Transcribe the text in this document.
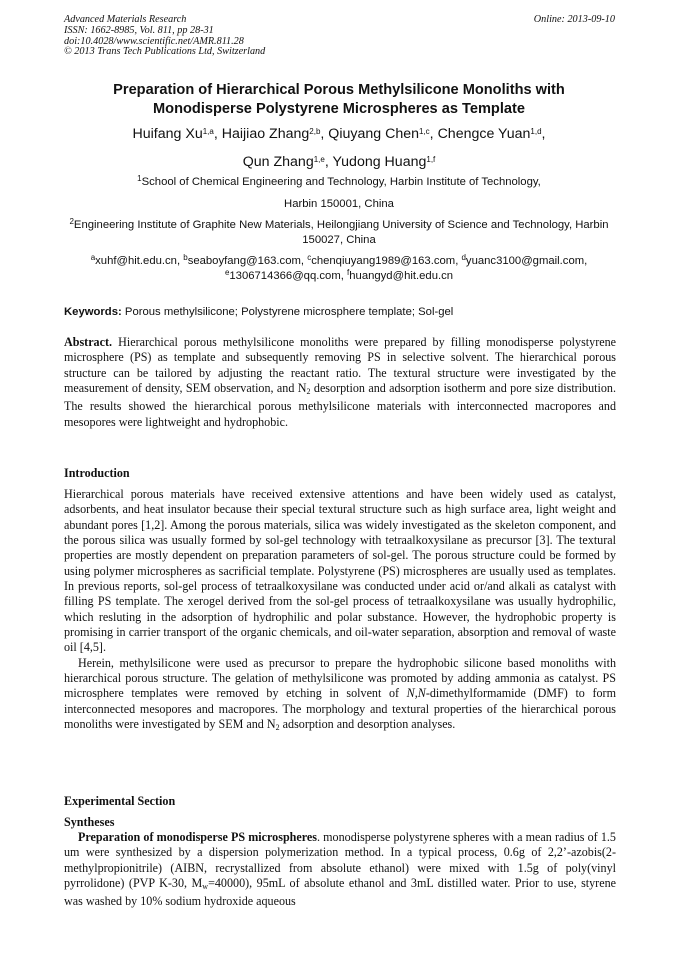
Advanced Materials Research
ISSN: 1662-8985, Vol. 811, pp 28-31
doi:10.4028/www.scientific.net/AMR.811.28
© 2013 Trans Tech Publications Ltd, Switzerland
Online: 2013-09-10
Preparation of Hierarchical Porous Methylsilicone Monoliths with
Monodisperse Polystyrene Microspheres as Template
Huifang Xu$^{1,a}$, Haijiao Zhang$^{2,b}$, Qiuyang Chen$^{1,c}$, Chengce Yuan$^{1,d}$,
Qun Zhang$^{1,e}$, Yudong Huang$^{1,f}$
$^1$School of Chemical Engineering and Technology, Harbin Institute of Technology,
Harbin 150001, China
$^2$Engineering Institute of Graphite New Materials, Heilongjiang University of Science and Technology, Harbin 150027, China
$^a$xuhf@hit.edu.cn, $^b$seaboyfang@163.com, $^c$chenqiuyang1989@163.com, $^d$yuanc3100@gmail.com,
$^e$1306714366@qq.com, $^f$huangyd@hit.edu.cn
Keywords: Porous methylsilicone; Polystyrene microsphere template; Sol-gel
Abstract. Hierarchical porous methylsilicone monoliths were prepared by filling monodisperse polystyrene microsphere (PS) as template and subsequently removing PS in selective solvent. The hierarchical porous structure can be tailored by adjusting the reactant ratio. The textural structure were investigated by the measurement of density, SEM observation, and $N_2$ desorption and adsorption isotherm and pore size distribution. The results showed the hierarchical porous methylsilicone materials with interconnected macropores and mesopores were lightweight and hydrophobic.
Introduction

Hierarchical porous materials have received extensive attentions and have been widely used as catalyst, adsorbents, and heat insulator because their special textural structure such as high surface area, light weight and abundant pores [1,2]. Among the porous materials, silica was widely investigated as the skeleton component, and the porous silica was usually formed by sol-gel technology with tetraalkoxysilane as precursor [3]. The textural properties are mostly dependent on preparation parameters of sol-gel. The porous structure could be formed by using polymer microspheres as sacrificial template. Polystyrene (PS) microspheres are usually used as templates. In previous reports, sol-gel process of tetraalkoxysilane was conducted under acid or/and alkali as catalyst with filling PS template. The xerogel derived from the sol-gel process of tetraalkoxysilane was usually hydrophilic, which resluting in the adsorption of hydrophilic and polar substance. However, the hydrophobic property is promising in carrier transport of the organic chemicals, and oil-water separation, absorption and removal of waste oil [4,5].

Herein, methylsilicone were used as precursor to prepare the hydrophobic silicone based monoliths with hierarchical porous structure. The gelation of methylsilicone was promoted by adding ammonia as catalyst. PS microsphere templates were removed by etching in solvent of N,N-dimethylformamide (DMF) to form interconnected mesopores and macropores. The morphology and textural properties of the hierarchical porous monoliths were investigated by SEM and $N_2$ adsorption and desorption analyses.

Experimental Section
Syntheses

Preparation of monodisperse PS microspheres. monodisperse polystyrene spheres with a mean radius of 1.5 um were synthesized by a dispersion polymerization method. In a typical process, 0.6g of 2,2’-azobis(2-methylpropionitrile) (AIBN, recrystallized from absolute ethanol) were mixed with 1.5g of poly(vinyl pyrrolidone) (PVP K-30, $M_w=40000$), 95mL of absolute ethanol and 3mL distilled water. Prior to use, styrene was washed by 10% sodium hydroxide aqueous
